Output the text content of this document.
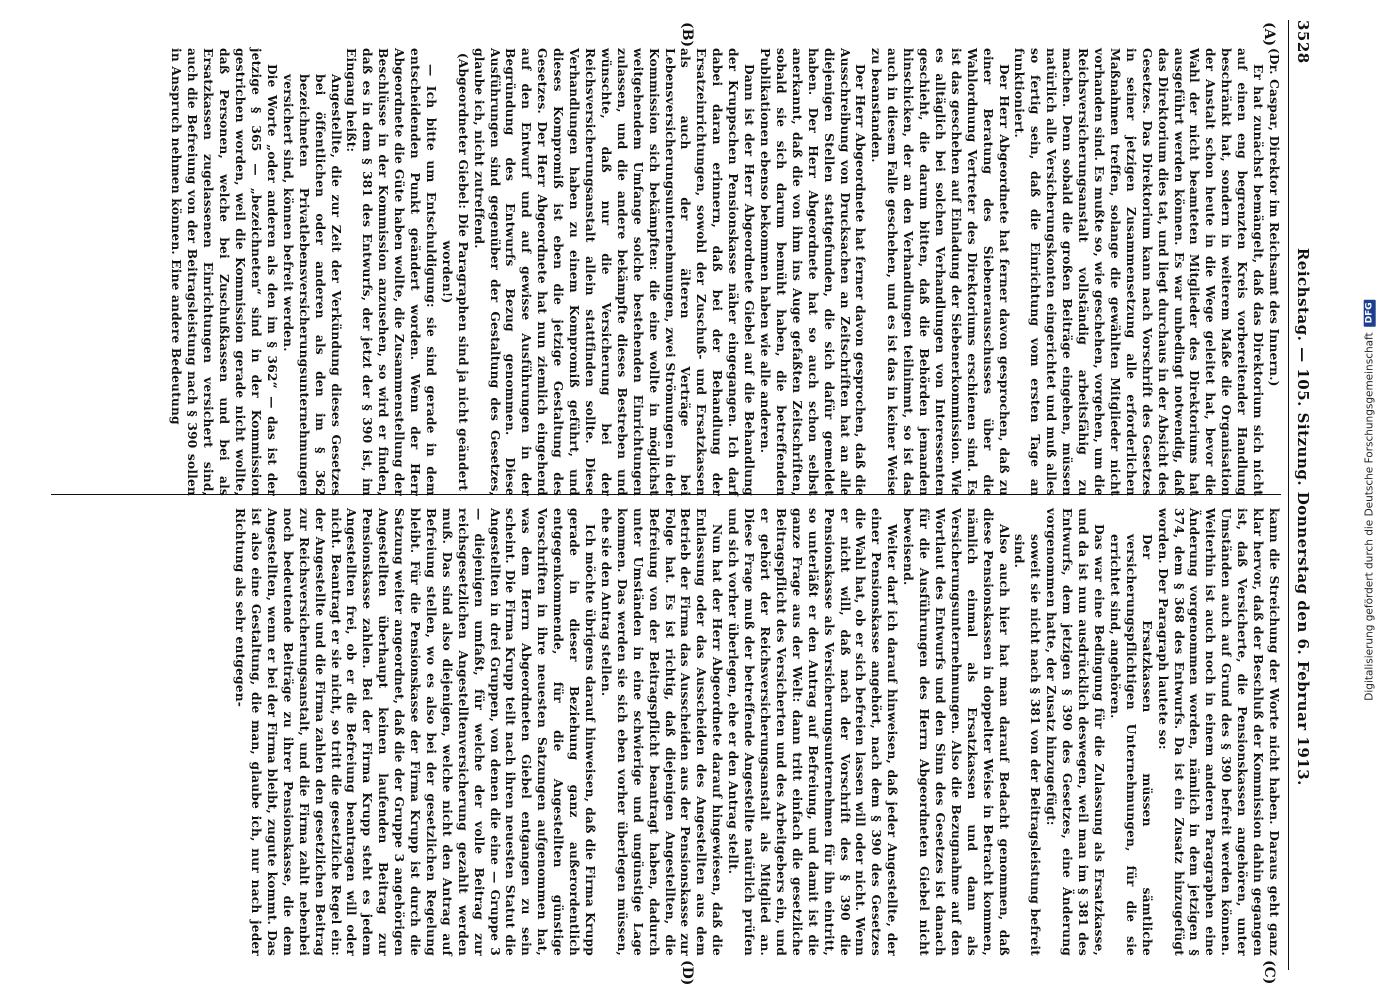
3528
Reichstag. — 105. Sitzung. Donnerstag den 6. Februar 1913.
(A)
(B)
(C)
(D)

(Dr. Caspar, Direktor im Reichsamt des Innern.)

Er hat zunächst bemängelt, daß das Direktorium sich nicht auf einen eng begrenzten Kreis vorbereitender Handlung beschränkt hat, sondern in weiterem Maße die Organisation der Anstalt schon heute in die Wege geleitet hat, bevor die Wahl der nicht beamteten Mitglieder des Direktoriums hat ausgeführt werden können. Es war unbedingt notwendig, daß das Direktorium dies tat, und liegt durchaus in der Absicht des Gesetzes. Das Direktorium kann nach Vorschrift des Gesetzes in seiner jetzigen Zusammensetzung alle erforderlichen Maßnahmen treffen, solange die gewählten Mitglieder nicht vorhanden sind. Es mußte so, wie geschehen, vorgehen, um die Reichsversicherungsanstalt vollständig arbeitsfähig zu machen. Denn sobald die großen Beiträge eingehen, müssen natürlich alle Versicherungskonten eingerichtet und muß alles so fertig sein, daß die Einrichtung vom ersten Tage an funktioniert.

Der Herr Abgeordnete hat ferner davon gesprochen, daß zu einer Beratung des Siebenerausschusses über die Wahlordnung Vertreter des Direktoriums erschienen sind. Es ist das geschehen auf Einladung der Siebenerkommission. Wie es alltäglich bei solchen Verhandlungen von Interessenten geschieht, die darum bitten, daß die Behörden jemanden hinschicken, der an den Verhandlungen teilnimmt, so ist das auch in diesem Falle geschehen, und es ist das in keiner Weise zu beanstanden.

Der Herr Abgeordnete hat ferner davon gesprochen, daß die Ausschreibung von Drucksachen an Zeitschriften hat an alle diejenigen Stellen stattgefunden, die sich dafür gemeldet haben. Der Herr Abgeordnete hat so auch schon selbst anerkannt, daß die von ihm ins Auge gefaßten Zeitschriften, sobald sie sich darum bemüht haben, die betreffenden Publikationen ebenso bekommen haben wie alle anderen.

Dann ist der Herr Abgeordnete Giebel auf die Behandlung der Kruppschen Pensionskasse näher eingegangen. Ich darf dabei daran erinnern, daß bei der Behandlung der Ersatzeinrichtungen, sowohl der Zuschuß- und Ersatzkassen als auch der älteren Verträge bei Lebensversicherungsunternehmungen, zwei Strömungen in der Kommission sich bekämpften: die eine wollte in möglichst weitgehendem Umfange solche bestehenden Einrichtungen zulassen, und die andere bekämpfte dieses Bestreben und wünschte, daß nur die Versicherung bei der Reichsversicherungsanstalt allein stattfinden sollte. Diese Verhandlungen haben zu einem Kompromiß geführt, und dieses Kompromiß ist eben die jetzige Gestaltung des Gesetzes. Der Herr Abgeordnete hat nun ziemlich eingehend auf den Entwurf und auf gewisse Ausführungen in der Begründung des Entwurfs Bezug genommen. Diese Ausführungen sind gegenüber der Gestaltung des Gesetzes, glaube ich, nicht zutreffend.

(Abgeordneter Giebel: Die Paragraphen sind ja nicht geändert worden!)

— Ich bitte um Entschuldigung: sie sind gerade in dem entscheidenden Punkt geändert worden. Wenn der Herr Abgeordnete die Güte haben wollte, die Zusammenstellung der Beschlüsse in der Kommission anzusehen, so wird er finden, daß es in dem § 381 des Entwurfs, der jetzt der § 390 ist, im Eingang heißt:

Angestellte, die zur Zeit der Verkündung dieses Gesetzes bei öffentlichen oder anderen als den im § 362 bezeichneten Privatlebensversicherungsunternehmungen versichert sind, können befreit werden.

Die Worte „oder anderen als den im § 362“ — das ist der jetzige § 365 — „bezeichneten“ sind in der Kommission gestrichen worden, weil die Kommission gerade nicht wollte, daß Personen, welche bei Zuschußkassen und bei als Ersatzkassen zugelassenen Einrichtungen versichert sind, auch die Befreiung von der Beitragsleistung nach § 390 sollen in Anspruch nehmen können. Eine andere Bedeutung

kann die Streichung der Worte nicht haben. Daraus geht ganz klar hervor, daß der Beschluß der Kommission dahin gegangen ist, daß Versicherte, die Pensionskassen angehören, unter Umständen auch auf Grund des § 390 befreit werden können. Weiterhin ist auch noch in einem anderen Paragraphen eine Änderung vorgenommen worden, nämlich in dem jetzigen § 374, dem § 368 des Entwurfs. Da ist ein Zusatz hinzugefügt worden. Der Paragraph lautete so:

Der Ersatzkassen müssen sämtliche versicherungspflichtigen Unternehmungen, für die sie errichtet sind, angehören.

Das war eine Bedingung für die Zulassung als Ersatzkasse, und da ist nun ausdrücklich deswegen, weil man im § 381 des Entwurfs, dem jetzigen § 390 des Gesetzes, eine Änderung vorgenommen hatte, der Zusatz hinzugefügt:

soweit sie nicht nach § 381 von der Beitragsleistung befreit sind.

Also auch hier hat man darauf Bedacht genommen, daß diese Pensionskassen in doppelter Weise in Betracht kommen, nämlich einmal als Ersatzkassen und dann als Versicherungsunternehmungen. Also die Bezugnahme auf den Wortlaut des Entwurfs und den Sinn des Gesetzes ist danach für die Ausführungen des Herrn Abgeordneten Giebel nicht beweisend.

Weiter darf ich darauf hinweisen, daß jeder Angestellte, der einer Pensionskasse angehört, nach dem § 390 des Gesetzes die Wahl hat, ob er sich befreien lassen will oder nicht. Wenn er nicht will, daß nach der Vorschrift des § 390 die Pensionskasse als Versicherungsunternehmen für ihn eintritt, so unterläßt er den Antrag auf Befreiung, und damit ist die ganze Frage aus der Welt: dann tritt einfach die gesetzliche Beitragspflicht des Versicherten und des Arbeitgebers ein, und er gehört der Reichsversicherungsanstalt als Mitglied an. Diese Frage muß der betreffende Angestellte natürlich prüfen und sich vorher überlegen, ehe er den Antrag stellt.

Nun hat der Herr Abgeordnete darauf hingewiesen, daß die Entlassung oder das Ausscheiden des Angestellten aus dem Betrieb der Firma das Ausscheiden aus der Pensionskasse zur Folge hat. Es ist richtig, daß diejenigen Angestellten, die Befreiung von der Beitragspflicht beantragt haben, dadurch unter Umständen in eine schwierige und ungünstige Lage kommen. Das werden sie sich eben vorher überlegen müssen, ehe sie den Antrag stellen.

Ich möchte übrigens darauf hinweisen, daß die Firma Krupp gerade in dieser Beziehung ganz außerordentlich entgegenkommende, für die Angestellten günstige Vorschriften in ihre neuesten Satzungen aufgenommen hat, was dem Herrn Abgeordneten Giebel entgangen zu sein scheint. Die Firma Krupp teilt nach ihren neuesten Statut die Angestellten in drei Gruppen, von denen die eine — Gruppe 3 — diejenigen umfaßt, für welche der volle Beitrag zur reichsgesetzlichen Angestelltenversicherung gezahlt werden muß. Das sind also diejenigen, welche nicht den Antrag auf Befreiung stellen, wo es also bei der gesetzlichen Regelung bleibt. Für die Pensionskasse der Firma Krupp ist durch die Satzung weiter angeordnet, daß die der Gruppe 3 angehörigen Angestellten überhaupt keinen laufenden Beitrag zur Pensionskasse zahlen. Bei der Firma Krupp steht es jedem Angestellten frei, ob er die Befreiung beantragen will oder nicht. Beantragt er sie nicht, so tritt die gesetzliche Regel ein: der Angestellte und die Firma zahlen den gesetzlichen Beitrag zur Reichsversicherungsanstalt, und die Firma zahlt nebenbei noch bedeutende Beiträge zu ihrer Pensionskasse, die dem Angestellten, wenn er bei der Firma bleibt, zugute kommt. Das ist also eine Gestaltung, die man, glaube ich, nur nach jeder Richtung als sehr entgegen-	Digitalisierung gefördert durch die Deutsche Forschungsgemeinschaft
DFG
